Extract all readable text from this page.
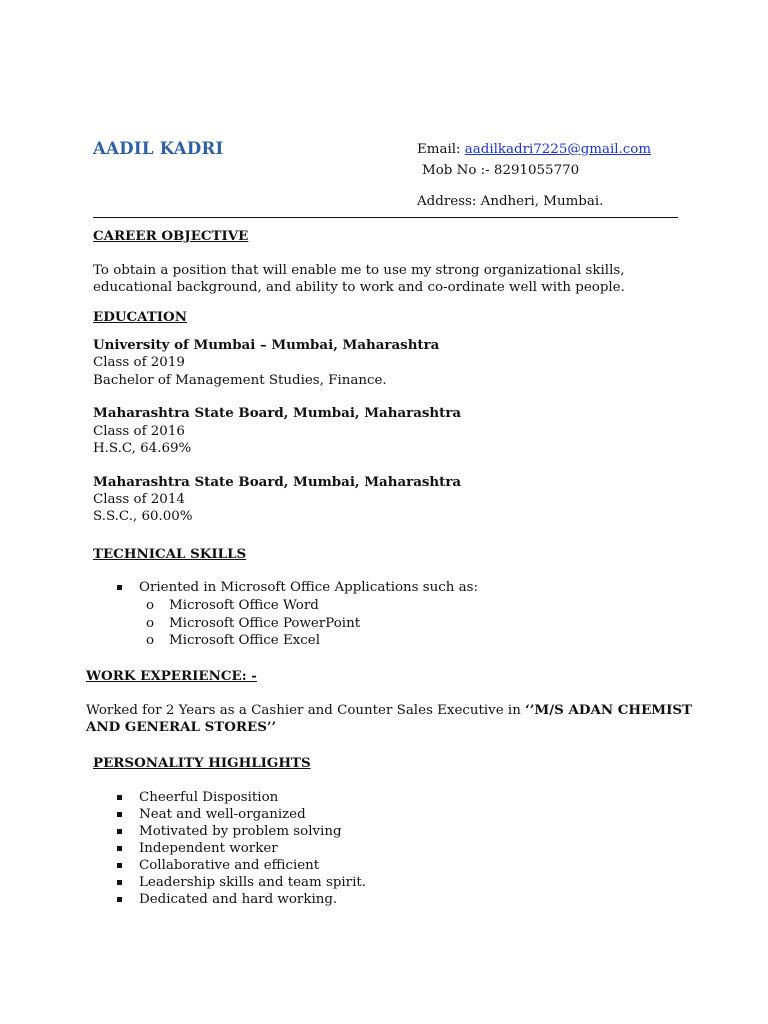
AADIL KADRI	Email: aadilkadri7225@gmail.com
Mob No :- 8291055770
Address: Andheri, Mumbai.
CAREER OBJECTIVE
To obtain a position that will enable me to use my strong organizational skills,
educational background, and ability to work and co-ordinate well with people.
EDUCATION
University of Mumbai – Mumbai, Maharashtra
Class of 2019
Bachelor of Management Studies, Finance.
Maharashtra State Board, Mumbai, Maharashtra
Class of 2016
H.S.C, 64.69%
Maharashtra State Board, Mumbai, Maharashtra
Class of 2014
S.S.C., 60.00%
TECHNICAL SKILLS
Oriented in Microsoft Office Applications such as:
o Microsoft Office Word
o Microsoft Office PowerPoint
o Microsoft Office Excel
WORK EXPERIENCE: -
Worked for 2 Years as a Cashier and Counter Sales Executive in ‘’M/S ADAN CHEMIST
AND GENERAL STORES’’
PERSONALITY HIGHLIGHTS
Cheerful Disposition
Neat and well-organized
Motivated by problem solving
Independent worker
Collaborative and efficient
Leadership skills and team spirit.
Dedicated and hard working.
